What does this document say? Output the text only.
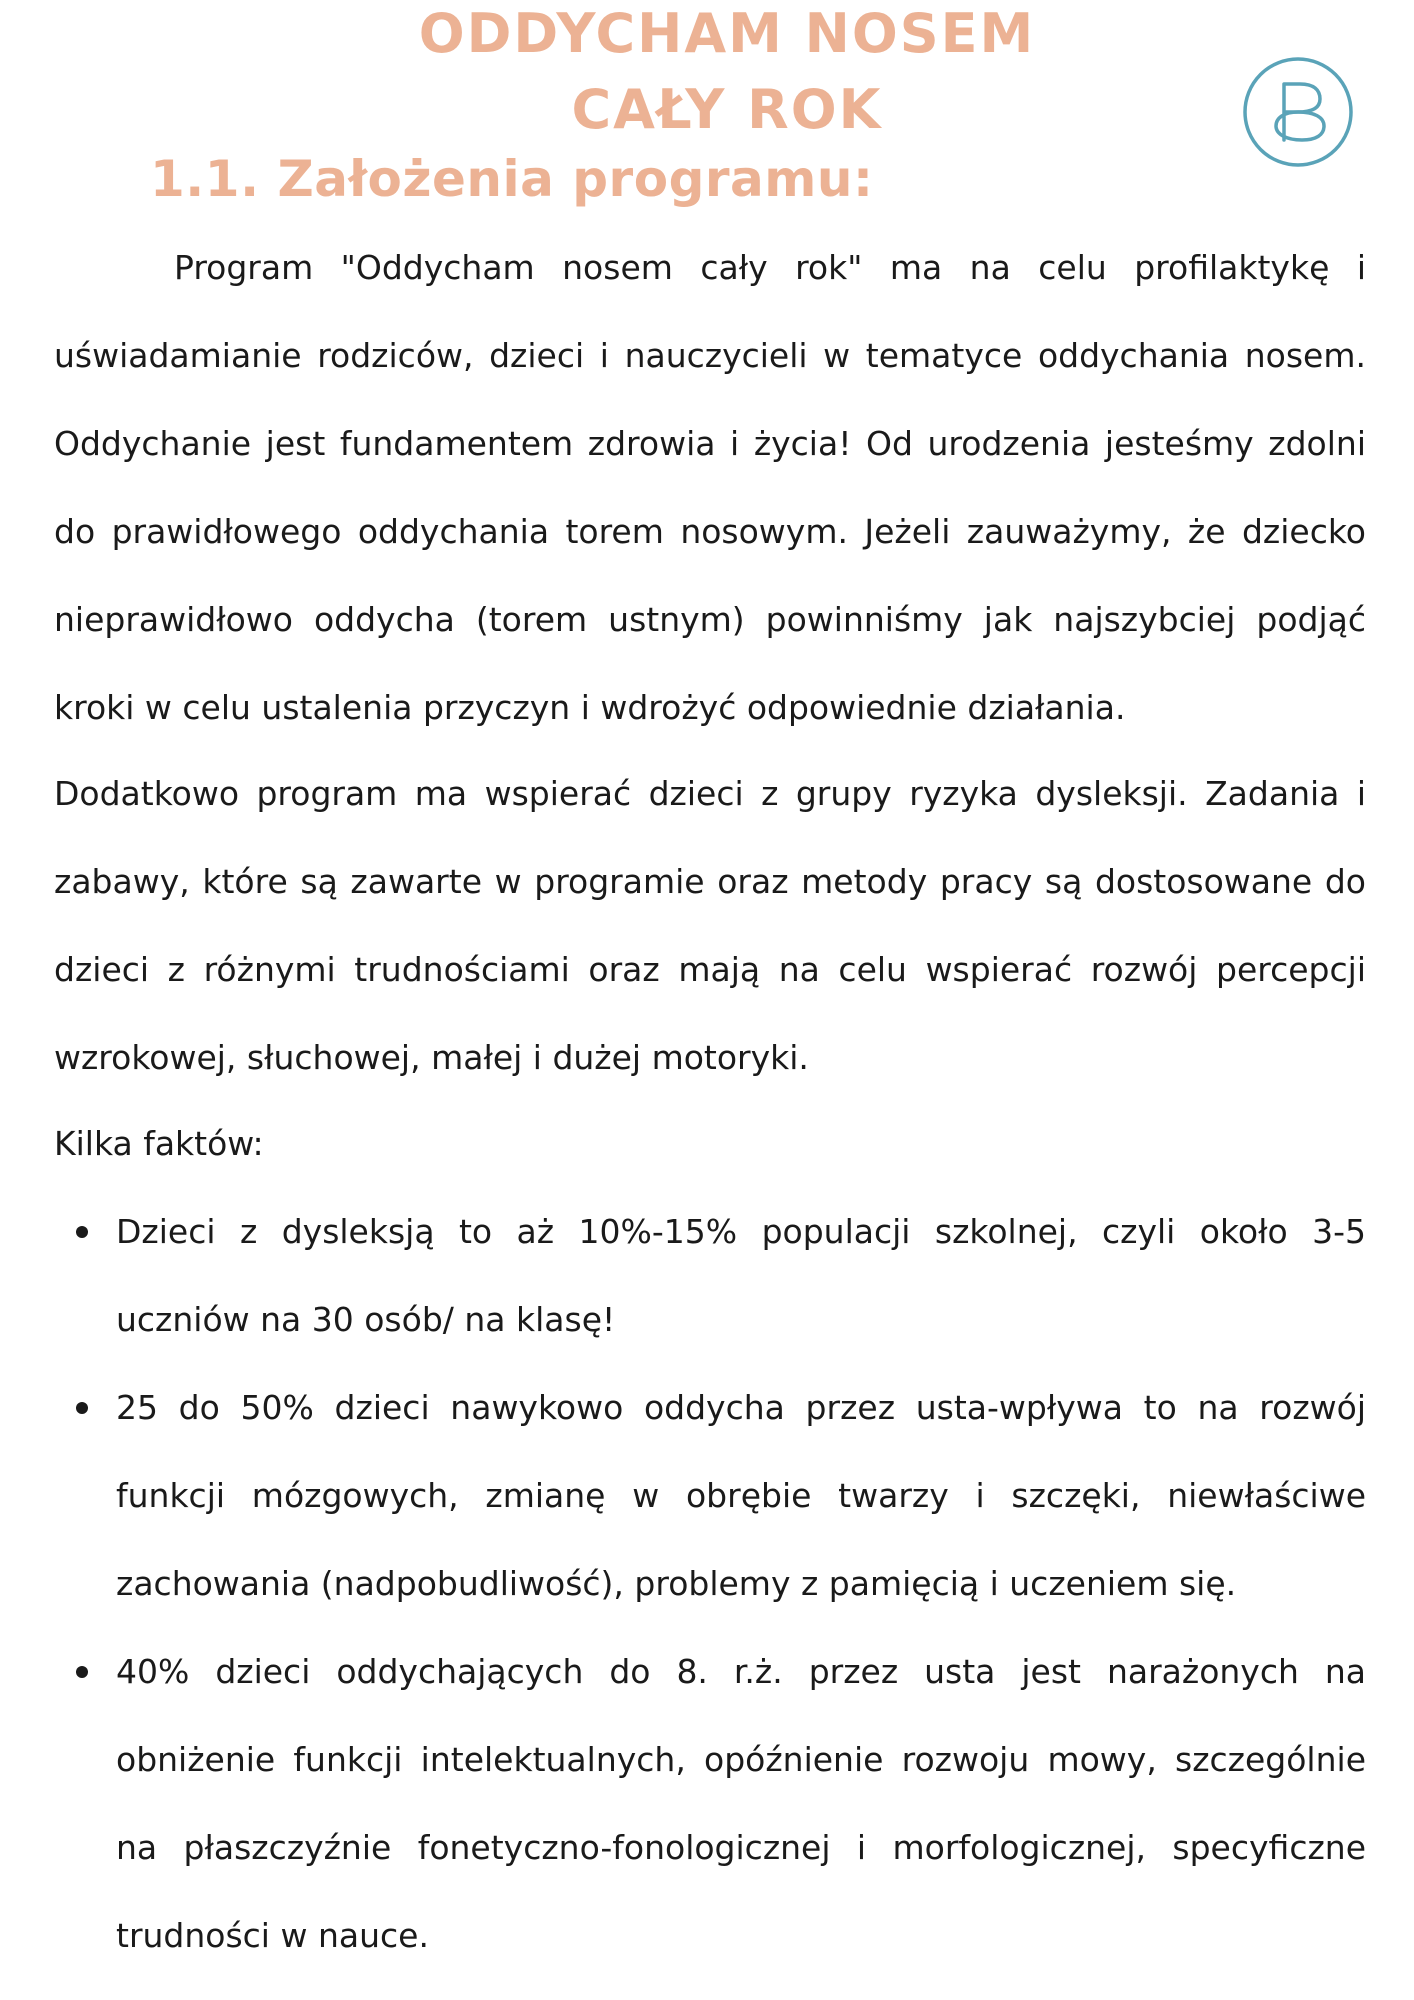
ODDYCHAM NOSEM
CAŁY ROK
1.1. Założenia programu:

Program "Oddycham nosem cały rok" ma na celu profilaktykę i uświadamianie rodziców, dzieci i nauczycieli w tematyce oddychania nosem. Oddychanie jest fundamentem zdrowia i życia! Od urodzenia jesteśmy zdolni do prawidłowego oddychania torem nosowym. Jeżeli zauważymy, że dziecko nieprawidłowo oddycha (torem ustnym) powinniśmy jak najszybciej podjąć kroki w celu ustalenia przyczyn i wdrożyć odpowiednie działania.

Dodatkowo program ma wspierać dzieci z grupy ryzyka dysleksji. Zadania i zabawy, które są zawarte w programie oraz metody pracy są dostosowane do dzieci z różnymi trudnościami oraz mają na celu wspierać rozwój percepcji wzrokowej, słuchowej, małej i dużej motoryki.

Kilka faktów:

Dzieci z dysleksją to aż 10%-15% populacji szkolnej, czyli około 3-5 uczniów na 30 osób/ na klasę!
25 do 50% dzieci nawykowo oddycha przez usta-wpływa to na rozwój funkcji mózgowych, zmianę w obrębie twarzy i szczęki, niewłaściwe zachowania (nadpobudliwość), problemy z pamięcią i uczeniem się.
40% dzieci oddychających do 8. r.ż. przez usta jest narażonych na obniżenie funkcji intelektualnych, opóźnienie rozwoju mowy, szczególnie na płaszczyźnie fonetyczno-fonologicznej i morfologicznej, specyficzne trudności w nauce.
